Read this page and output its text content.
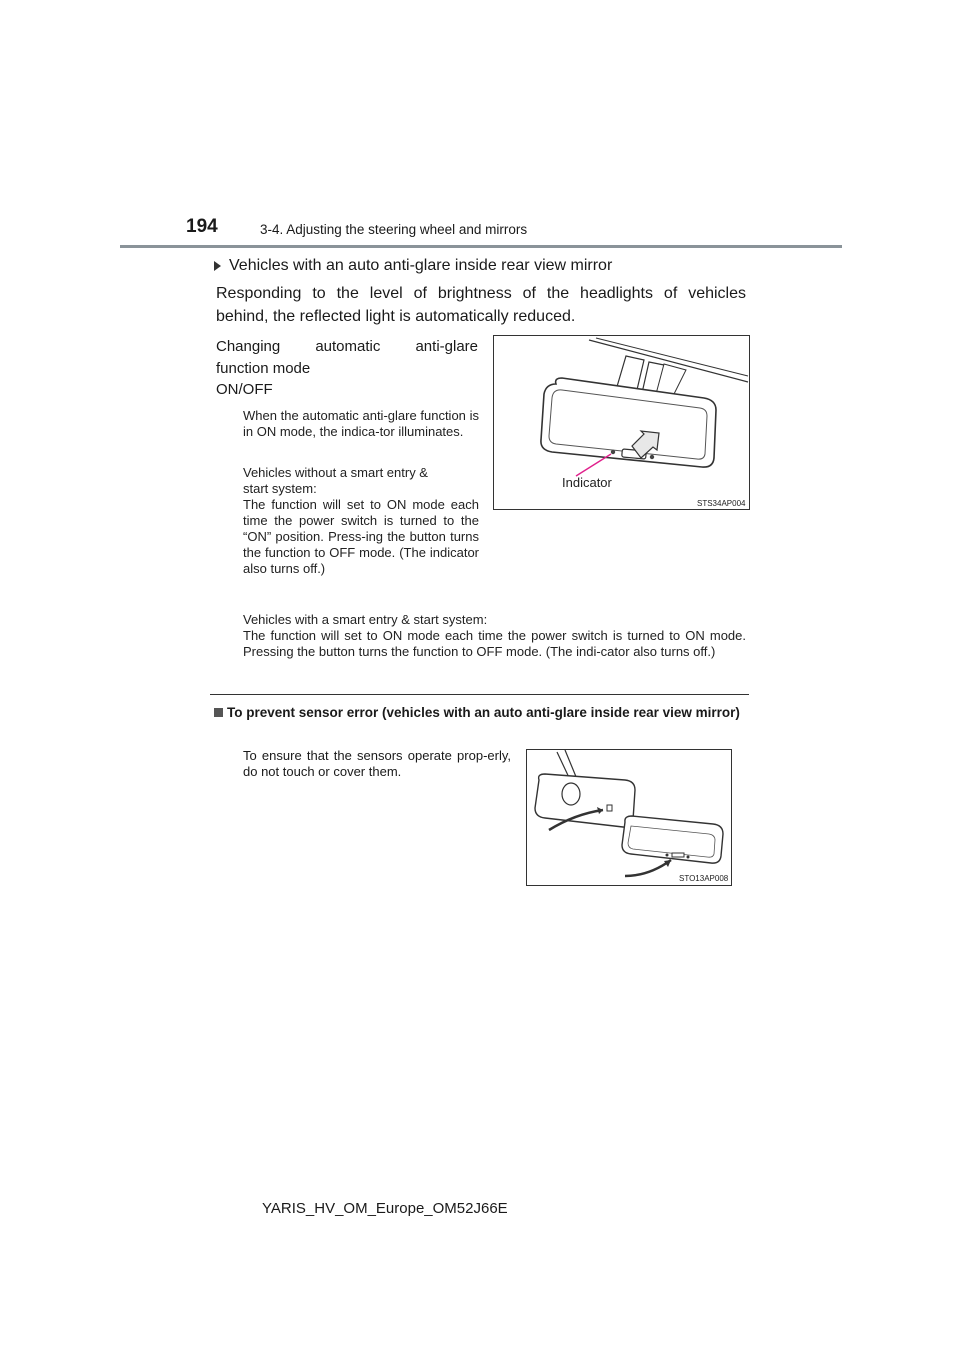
194	3-4. Adjusting the steering wheel and mirrors
Vehicles with an auto anti-glare inside rear view mirror
Responding to the level of brightness of the headlights of vehicles
behind, the reflected light is automatically reduced.
Changing automatic anti-glare
function mode
ON/OFF
When the automatic anti-glare function is in ON mode, the indica-tor illuminates.
Vehicles without a smart entry &
start system:
The function will set to ON mode each time the power switch is turned to the “ON” position. Press-ing the button turns the function to OFF mode. (The indicator also turns off.)
Vehicles with a smart entry & start system:
The function will set to ON mode each time the power switch is turned to ON mode. Pressing the button turns the function to OFF mode. (The indi-cator also turns off.)
Indicator
STS34AP004
To prevent sensor error (vehicles with an auto anti-glare inside rear view mirror)
To ensure that the sensors operate prop-erly, do not touch or cover them.
STO13AP008
YARIS_HV_OM_Europe_OM52J66E
